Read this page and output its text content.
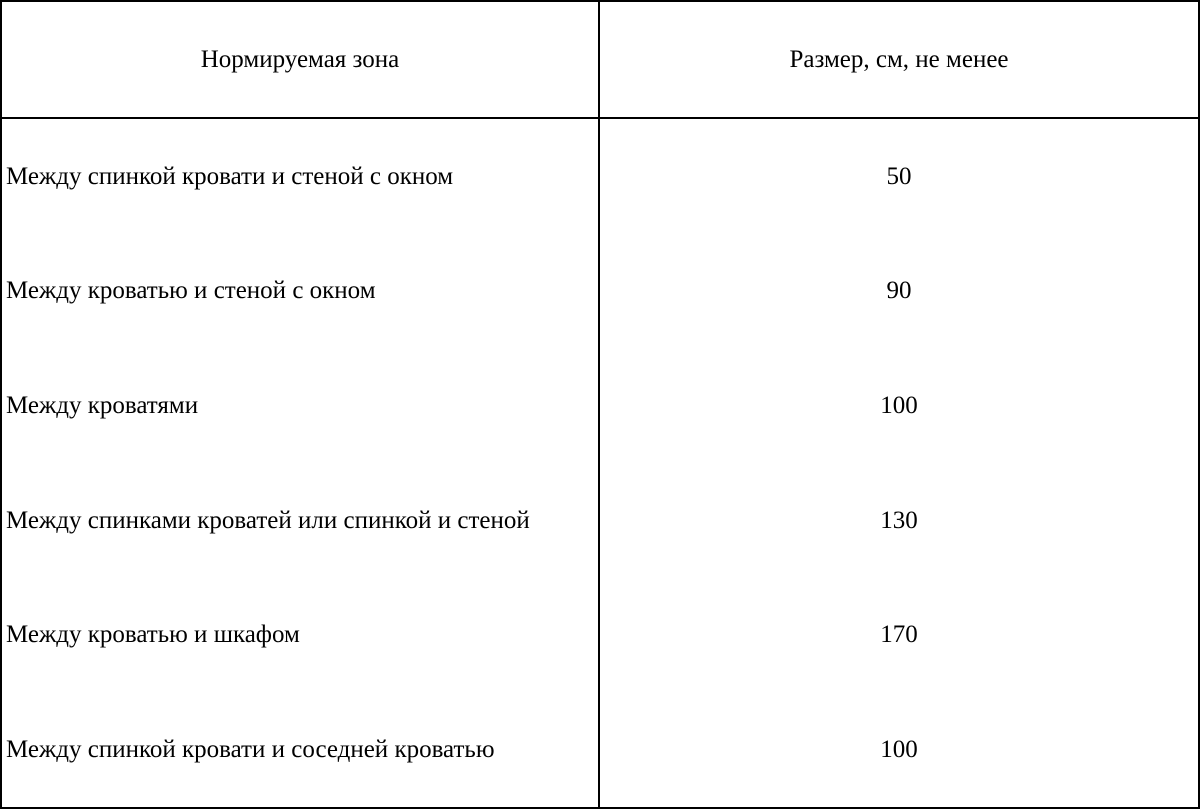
Нормируемая зона	Размер, см, не менее
Между спинкой кровати и стеной с окном	50
Между кроватью и стеной с окном	90
Между кроватями	100
Между спинками кроватей или спинкой и стеной	130
Между кроватью и шкафом	170
Между спинкой кровати и соседней кроватью	100
